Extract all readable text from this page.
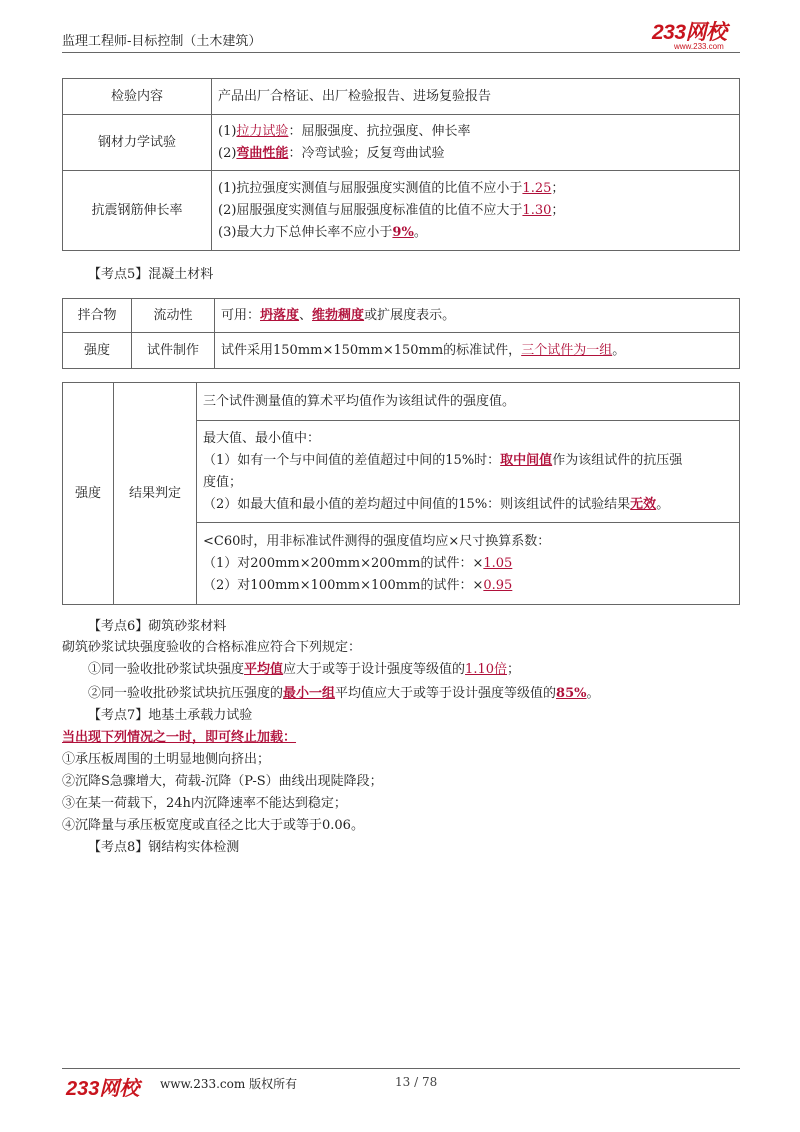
监理工程师-目标控制（土木建筑）	233网校
www.233.com
检验内容	产品出厂合格证、出厂检验报告、进场复验报告
钢材力学试验	(1)拉力试验：屈服强度、抗拉强度、伸长率
(2)弯曲性能：冷弯试验；反复弯曲试验

抗震钢筋伸长率	(1)抗拉强度实测值与屈服强度实测值的比值不应小于1.25；
(2)屈服强度实测值与屈服强度标准值的比值不应大于1.30；
(3)最大力下总伸长率不应小于9%。
【考点5】混凝土材料
拌合物	流动性	可用：坍落度、维勃稠度或扩展度表示。
强度	试件制作	试件采用150mm×150mm×150mm的标准试件，三个试件为一组。
强度	结果判定	三个试件测量值的算术平均值作为该组试件的强度值。

最大值、最小值中：
（1）如有一个与中间值的差值超过中间的15%时：取中间值作为该组试件的抗压强
度值；
（2）如最大值和最小值的差均超过中间值的15%：则该组试件的试验结果无效。

<C60时，用非标准试件测得的强度值均应×尺寸换算系数：
（1）对200mm×200mm×200mm的试件：×1.05
（2）对100mm×100mm×100mm的试件：×0.95
【考点6】砌筑砂浆材料
砌筑砂浆试块强度验收的合格标准应符合下列规定：
①同一验收批砂浆试块强度平均值应大于或等于设计强度等级值的1.10倍；
②同一验收批砂浆试块抗压强度的最小一组平均值应大于或等于设计强度等级值的85%。
【考点7】地基土承载力试验
当出现下列情况之一时，即可终止加载：
①承压板周围的土明显地侧向挤出；
②沉降S急骤增大，荷载-沉降（P-S）曲线出现陡降段；
③在某一荷载下，24h内沉降速率不能达到稳定；
④沉降量与承压板宽度或直径之比大于或等于0.06。
【考点8】钢结构实体检测
233网校 www.233.com 版权所有	13 / 78
